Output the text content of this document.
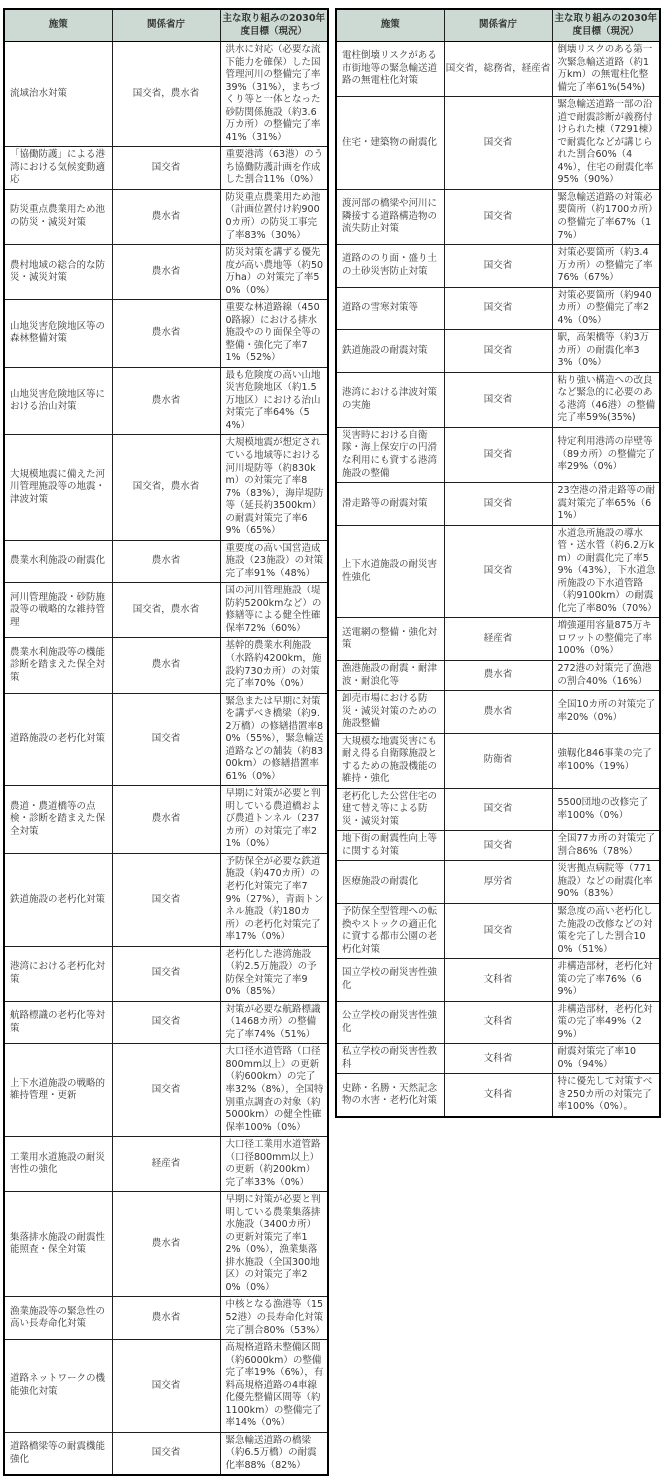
施策	関係省庁	主な取り組みの2030年度目標（現況）
流域治水対策	国交省，農水省	洪水に対応（必要な流下能力を確保）した国管理河川の整備完了率39%（31%），まちづくり等と一体となった砂防関係施設（約3.6万カ所）の整備完了率41%（31%）
「協働防護」による港湾における気候変動適応	国交省	重要港湾（63港）のうち協働防護計画を作成した割合11%（0%）
防災重点農業用ため池の防災・減災対策	農水省	防災重点農業用ため池（計画位置付け約9000カ所）の防災工事完了率83%（30%）
農村地域の総合的な防災・減災対策	農水省	防災対策を講ずる優先度が高い農地等（約50万ha）の対策完了率50%（0%）
山地災害危険地区等の森林整備対策	農水省	重要な林道路線（4500路線）における排水施設やのり面保全等の整備・強化完了率71%（52%）
山地災害危険地区等における治山対策	農水省	最も危険度の高い山地災害危険地区（約1.5万地区）における治山対策完了率64%（54%）
大規模地震に備えた河川管理施設等の地震・津波対策	国交省，農水省	大規模地震が想定されている地域等における河川堤防等（約830km）の対策完了率87%（83%），海岸堤防等（延長約3500km）の耐震対策完了率69%（65%）
農業水利施設の耐震化	農水省	重要度の高い国営造成施設（23施設）の対策完了率91%（48%）
河川管理施設・砂防施設等の戦略的な維持管理	国交省，農水省	国の河川管理施設（堤防約5200kmなど）の修繕等による健全性確保率72%（60%）
農業水利施設等の機能診断を踏まえた保全対策	農水省	基幹的農業水利施設（水路約4200km，施設約730カ所）の対策完了率70%（0%）
道路施設の老朽化対策	国交省	緊急または早期に対策を講ずべき橋梁（約9.2万橋）の修繕措置率80%（55%），緊急輸送道路などの舗装（約8300km）の修繕措置率61%（0%）
農道・農道橋等の点検・診断を踏まえた保全対策	農水省	早期に対策が必要と判明している農道橋および農道トンネル（237カ所）の対策完了率21%（0%）
鉄道施設の老朽化対策	国交省	予防保全が必要な鉄道施設（約470カ所）の老朽化対策完了率79%（27%），青函トンネル施設（約180カ所）の老朽化対策完了率17%（0%）
港湾における老朽化対策	国交省	老朽化した港湾施設（約2.5万施設）の予防保全対策完了率90%（85%）
航路標識の老朽化等対策	国交省	対策が必要な航路標識（1468カ所）の整備完了率74%（51%）
上下水道施設の戦略的維持管理・更新	国交省	大口径水道管路（口径800mm以上）の更新（約600km）の完了率32%（8%），全国特別重点調査の対象（約5000km）の健全性確保率100%（0%）
工業用水道施設の耐災害性の強化	経産省	大口径工業用水道管路（口径800mm以上）の更新（約200km）完了率33%（0%）
集落排水施設の耐震性能照査・保全対策	農水省	早期に対策が必要と判明している農業集落排水施設（3400カ所）の更新対策完了率12%（0%），漁業集落排水施設（全国300地区）の対策完了率20%（0%）
漁業施設等の緊急性の高い長寿命化対策	農水省	中核となる漁港等（1552港）の長寿命化対策完了割合80%（53%）
道路ネットワークの機能強化対策	国交省	高規格道路未整備区間（約6000km）の整備完了率19%（6%），有料高規格道路の4車線化優先整備区間等（約1100km）の整備完了率14%（0%）
道路橋梁等の耐震機能強化	国交省	緊急輸送道路の橋梁（約6.5万橋）の耐震化率88%（82%）
施策	関係省庁	主な取り組みの2030年度目標（現況）
電柱倒壊リスクがある市街地等の緊急輸送道路の無電柱化対策	国交省，総務省，経産省	倒壊リスクのある第一次緊急輸送道路（約1万km）の無電柱化整備完了率61%(54%)
住宅・建築物の耐震化	国交省	緊急輸送道路一部の沿道で耐震診断が義務付けられた棟（7291棟）で耐震化などが講じられた割合60%（44%），住宅の耐震化率95%（90%）
渡河部の橋梁や河川に隣接する道路構造物の流失防止対策	国交省	緊急輸送道路の対策必要箇所（約1700カ所）の整備完了率67%（17%）
道路ののり面・盛り土の土砂災害防止対策	国交省	対策必要箇所（約3.4万カ所）の整備完了率76%（67%）
道路の雪寒対策等	国交省	対策必要箇所（約940カ所）の整備完了率24%（0%）
鉄道施設の耐震対策	国交省	駅，高架橋等（約3万カ所）の耐震化率33%（0%）
港湾における津波対策の実施	国交省	粘り強い構造への改良など緊急的に必要のある港湾（46港）の整備完了率59%(35%)
災害時における自衛隊・海上保安庁の円滑な利用にも資する港湾施設の整備	国交省	特定利用港湾の岸壁等（89カ所）の整備完了率29%（0%）
滑走路等の耐震対策	国交省	23空港の滑走路等の耐震対策完了率65%（61%）
上下水道施設の耐災害性強化	国交省	水道急所施設の導水管・送水管（約6.2万km）の耐震化完了率59%（43%），下水道急所施設の下水道管路（約9100km）の耐震化完了率80%（70%）
送電網の整備・強化対策	経産省	増強運用容量875万キロワットの整備完了率100%（0%）
漁港施設の耐震・耐津波・耐浪化等	農水省	272港の対策完了漁港の割合40%（16%）
卸売市場における防災・減災対策のための施設整備	農水省	全国10カ所の対策完了率20%（0%）
大規模な地震災害にも耐え得る自衛隊施設とするための施設機能の維持・強化	防衛省	強靱化846事業の完了率100%（19%）
老朽化した公営住宅の建て替え等による防災・減災対策	国交省	5500団地の改修完了率100%（0%）
地下街の耐震性向上等に関する対策	国交省	全国77カ所の対策完了割合86%（78%）
医療施設の耐震化	厚労省	災害拠点病院等（771施設）などの耐震化率90%（83%）
予防保全型管理への転換やストックの適正化に資する都市公園の老朽化対策	国交省	緊急度の高い老朽化した施設の改修などの対策を完了した割合100%（51%）
国立学校の耐災害性強化	文科省	非構造部材，老朽化対策の完了率76%（69%）
公立学校の耐災害性強化	文科省	非構造部材，老朽化対策の完了率49%（29%）
私立学校の耐災害性教科	文科省	耐震対策完了率100%（94%）
史跡・名勝・天然記念物の水害・老朽化対策	文科省	特に優先して対策すべき250カ所の対策完了率100%（0%）。
